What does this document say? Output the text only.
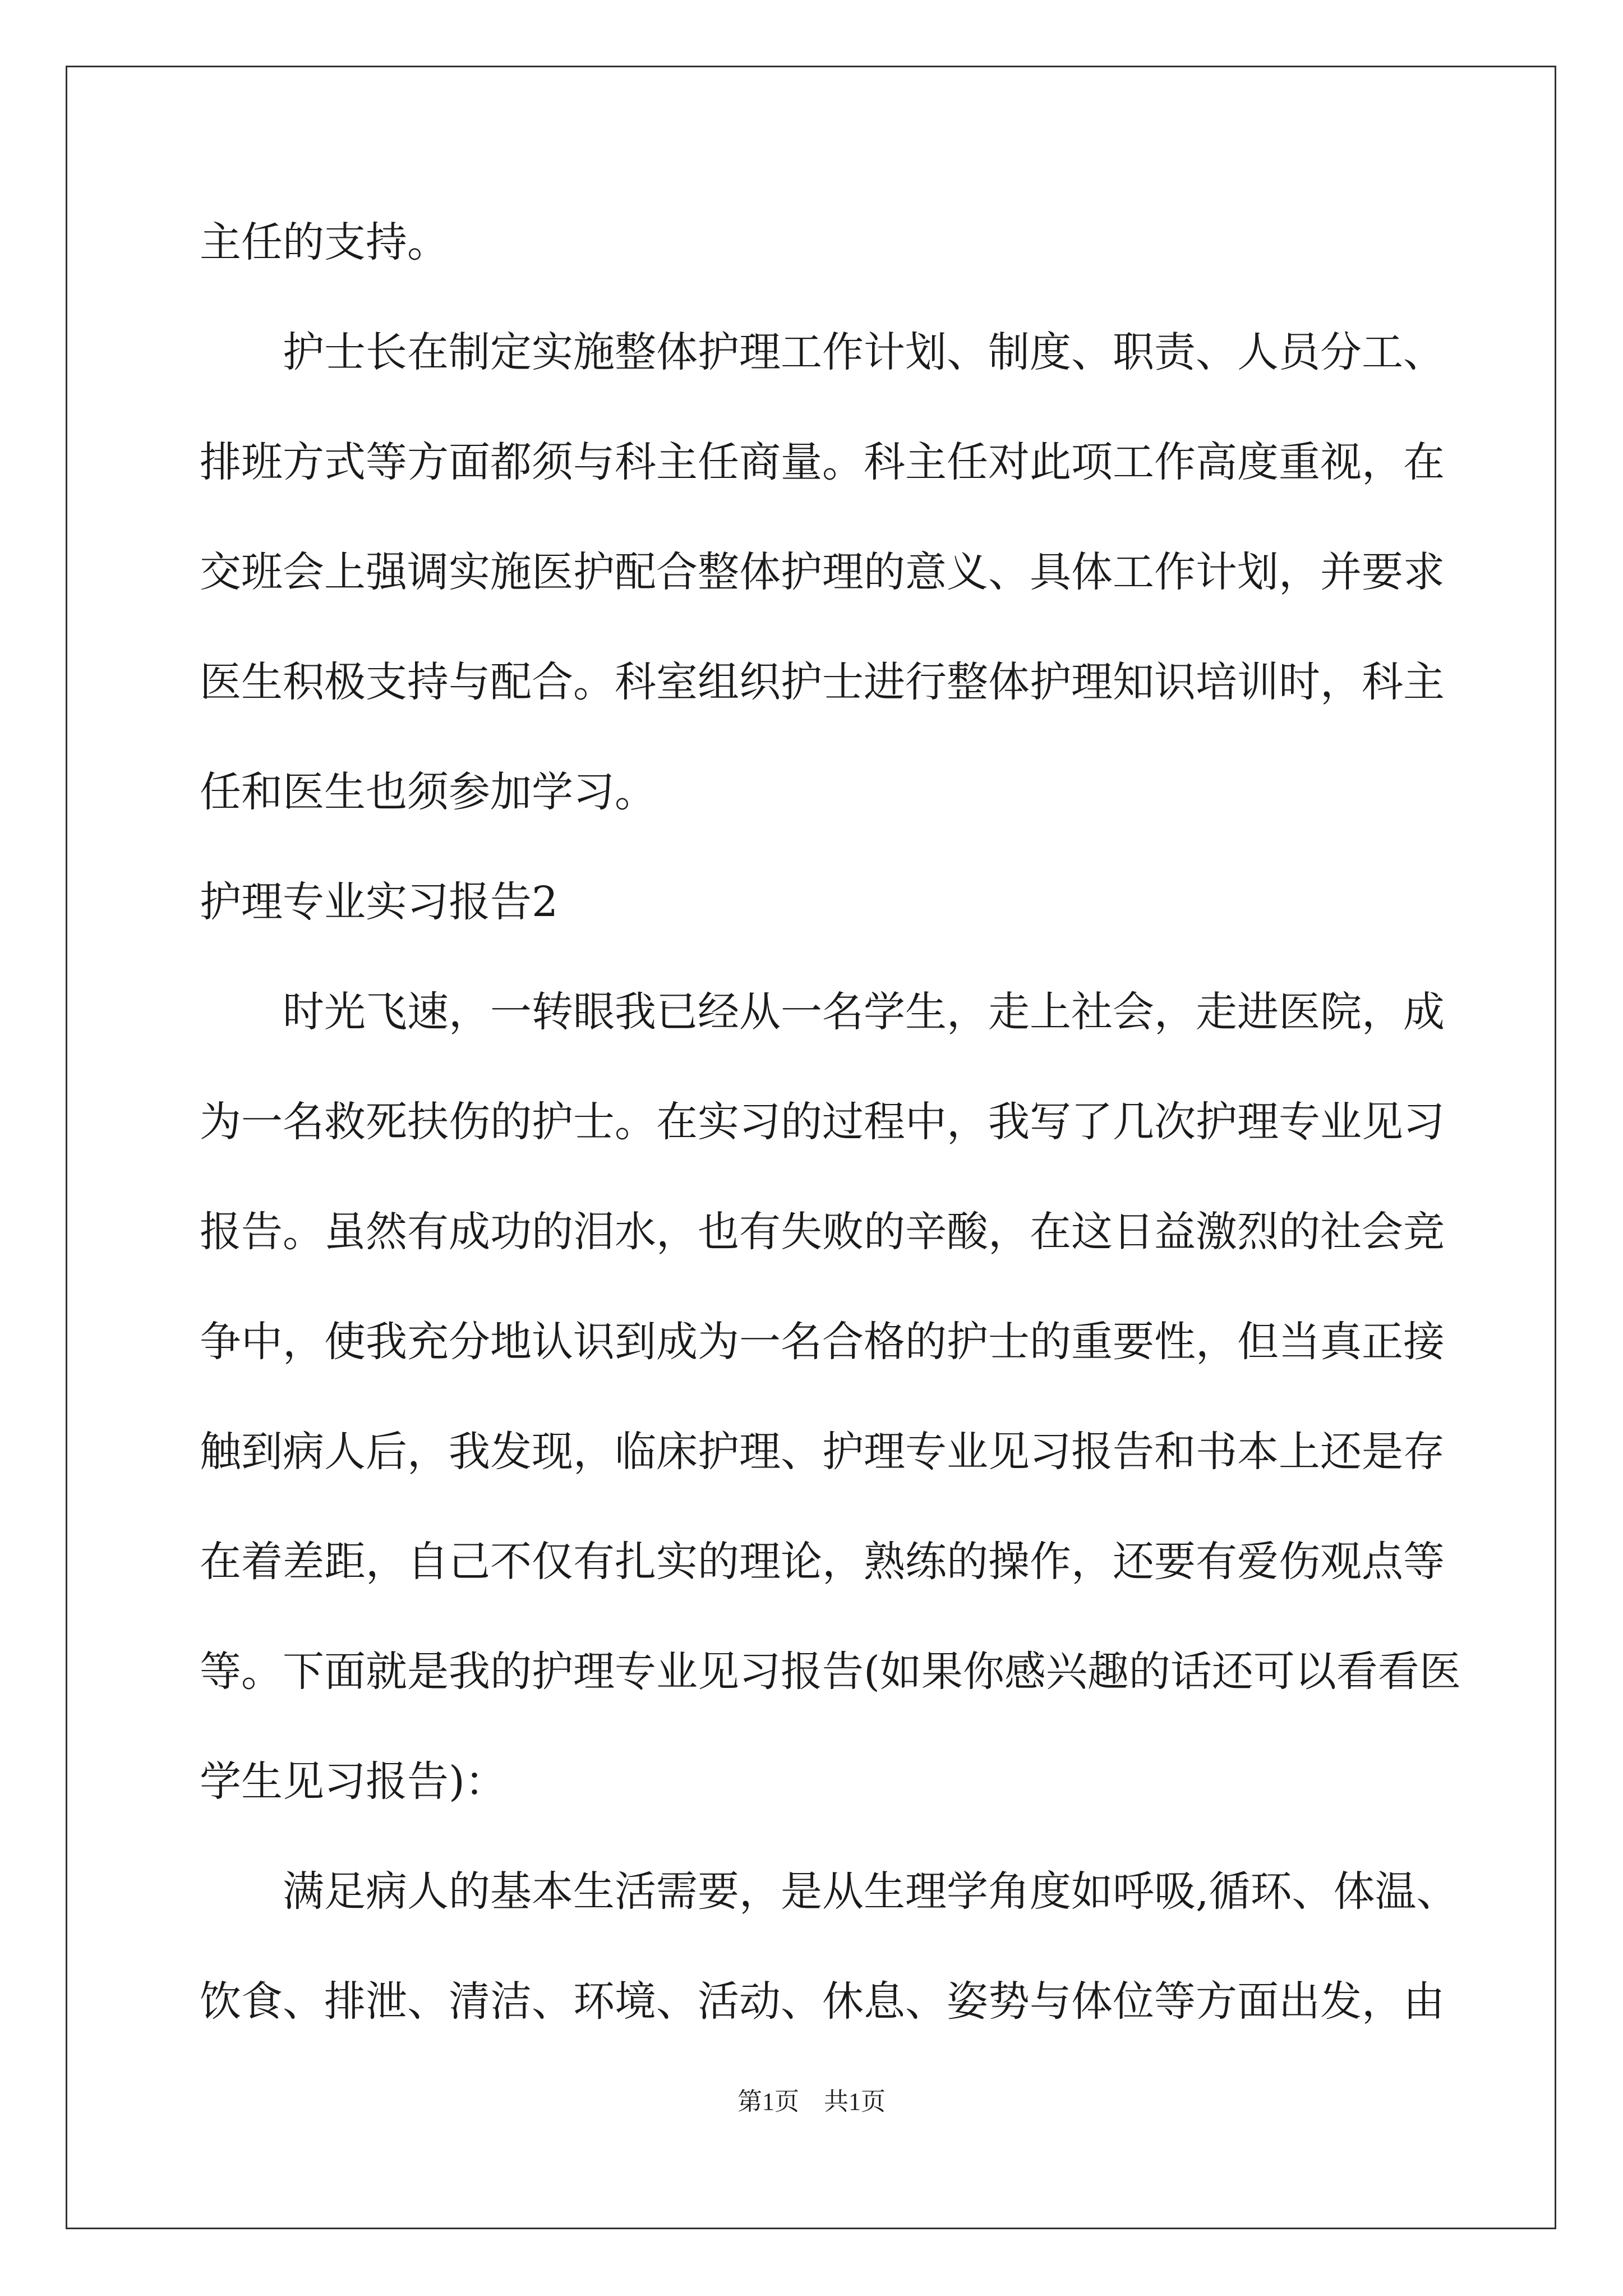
主任的支持。
护士长在制定实施整体护理工作计划、制度、职责、人员分工、
排班方式等方面都须与科主任商量。科主任对此项工作高度重视，在
交班会上强调实施医护配合整体护理的意义、具体工作计划，并要求
医生积极支持与配合。科室组织护士进行整体护理知识培训时，科主
任和医生也须参加学习。
护理专业实习报告2
时光飞速，一转眼我已经从一名学生，走上社会，走进医院，成
为一名救死扶伤的护士。在实习的过程中，我写了几次护理专业见习
报告。虽然有成功的泪水，也有失败的辛酸，在这日益激烈的社会竞
争中，使我充分地认识到成为一名合格的护士的重要性，但当真正接
触到病人后，我发现，临床护理、护理专业见习报告和书本上还是存
在着差距，自己不仅有扎实的理论，熟练的操作，还要有爱伤观点等
等。下面就是我的护理专业见习报告(如果你感兴趣的话还可以看看医
学生见习报告)：
满足病人的基本生活需要，是从生理学角度如呼吸,循环、体温、
饮食、排泄、清洁、环境、活动、休息、姿势与体位等方面出发，由
第1页　共1页
